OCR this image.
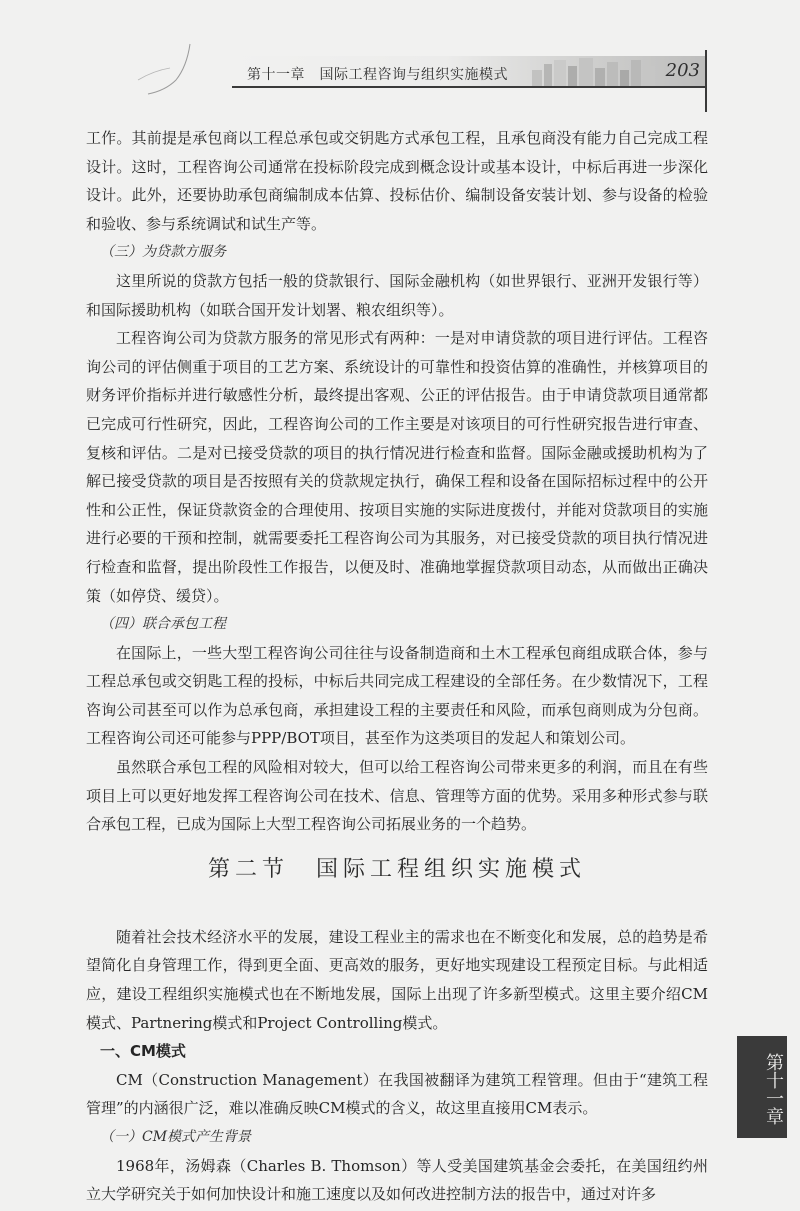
第十一章　国际工程咨询与组织实施模式	203

工作。其前提是承包商以工程总承包或交钥匙方式承包工程，且承包商没有能力自己完成工程设计。这时，工程咨询公司通常在投标阶段完成到概念设计或基本设计，中标后再进一步深化设计。此外，还要协助承包商编制成本估算、投标估价、编制设备安装计划、参与设备的检验和验收、参与系统调试和试生产等。

（三）为贷款方服务

这里所说的贷款方包括一般的贷款银行、国际金融机构（如世界银行、亚洲开发银行等）和国际援助机构（如联合国开发计划署、粮农组织等）。

工程咨询公司为贷款方服务的常见形式有两种：一是对申请贷款的项目进行评估。工程咨询公司的评估侧重于项目的工艺方案、系统设计的可靠性和投资估算的准确性，并核算项目的财务评价指标并进行敏感性分析，最终提出客观、公正的评估报告。由于申请贷款项目通常都已完成可行性研究，因此，工程咨询公司的工作主要是对该项目的可行性研究报告进行审查、复核和评估。二是对已接受贷款的项目的执行情况进行检查和监督。国际金融或援助机构为了解已接受贷款的项目是否按照有关的贷款规定执行，确保工程和设备在国际招标过程中的公开性和公正性，保证贷款资金的合理使用、按项目实施的实际进度拨付，并能对贷款项目的实施进行必要的干预和控制，就需要委托工程咨询公司为其服务，对已接受贷款的项目执行情况进行检查和监督，提出阶段性工作报告，以便及时、准确地掌握贷款项目动态，从而做出正确决策（如停贷、缓贷）。

（四）联合承包工程

在国际上，一些大型工程咨询公司往往与设备制造商和土木工程承包商组成联合体，参与工程总承包或交钥匙工程的投标，中标后共同完成工程建设的全部任务。在少数情况下，工程咨询公司甚至可以作为总承包商，承担建设工程的主要责任和风险，而承包商则成为分包商。工程咨询公司还可能参与PPP/BOT项目，甚至作为这类项目的发起人和策划公司。

虽然联合承包工程的风险相对较大，但可以给工程咨询公司带来更多的利润，而且在有些项目上可以更好地发挥工程咨询公司在技术、信息、管理等方面的优势。采用多种形式参与联合承包工程，已成为国际上大型工程咨询公司拓展业务的一个趋势。

第二节　国际工程组织实施模式

随着社会技术经济水平的发展，建设工程业主的需求也在不断变化和发展，总的趋势是希望简化自身管理工作，得到更全面、更高效的服务，更好地实现建设工程预定目标。与此相适应，建设工程组织实施模式也在不断地发展，国际上出现了许多新型模式。这里主要介绍CM模式、Partnering模式和Project Controlling模式。

一、CM模式

CM（Construction Management）在我国被翻译为建筑工程管理。但由于“建筑工程管理”的内涵很广泛，难以准确反映CM模式的含义，故这里直接用CM表示。

（一）CM模式产生背景

1968年，汤姆森（Charles B. Thomson）等人受美国建筑基金会委托，在美国纽约州立大学研究关于如何加快设计和施工速度以及如何改进控制方法的报告中，通过对许多

第十一章
